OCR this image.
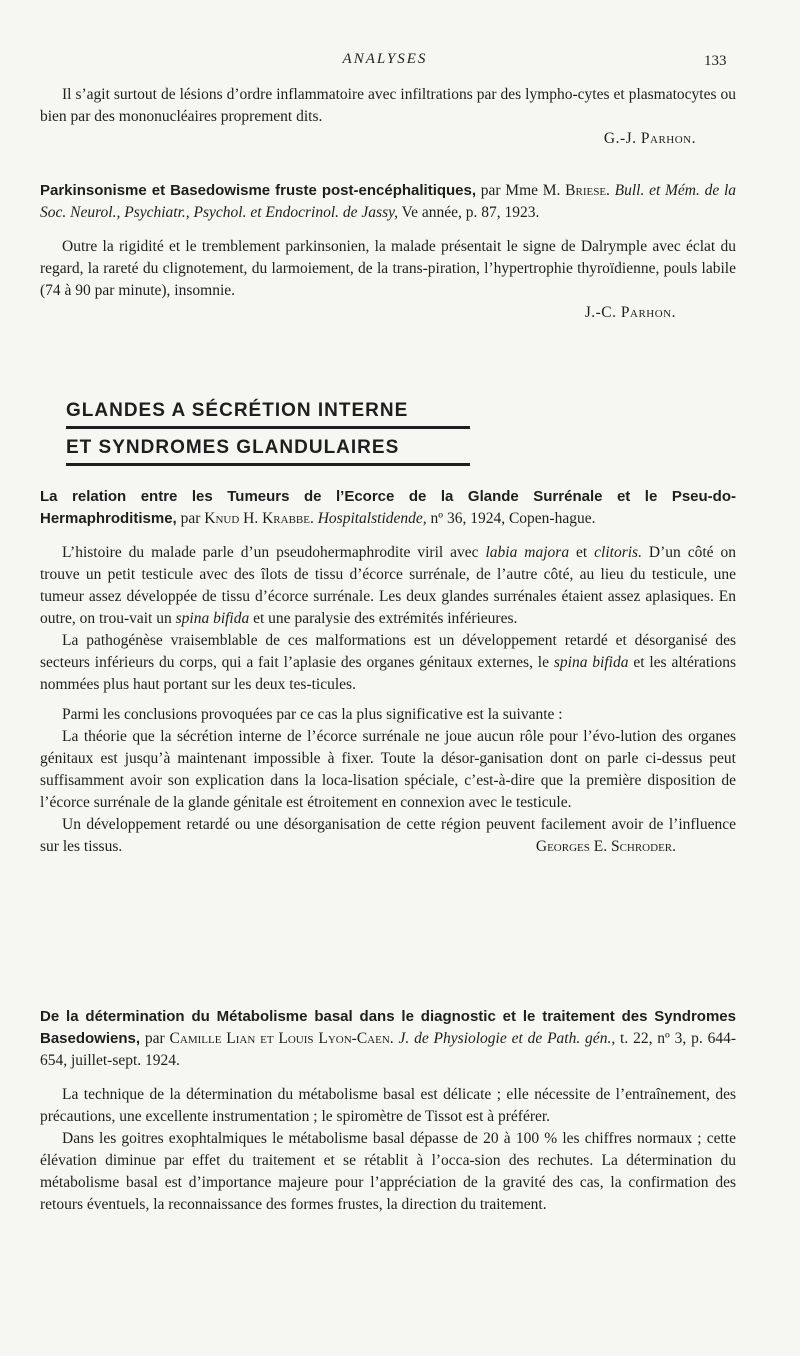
ANALYSES	133

Il s’agit surtout de lésions d’ordre inflammatoire avec infiltrations par des lympho-cytes et plasmatocytes ou bien par des mononucléaires proprement dits.

G.-J. Parhon.

Parkinsonisme et Basedowisme fruste post-encéphalitiques, par Mme M. Briese. Bull. et Mém. de la Soc. Neurol., Psychiatr., Psychol. et Endocrinol. de Jassy, Ve année, p. 87, 1923.

Outre la rigidité et le tremblement parkinsonien, la malade présentait le signe de Dalrymple avec éclat du regard, la rareté du clignotement, du larmoiement, de la trans-piration, l’hypertrophie thyroïdienne, pouls labile (74 à 90 par minute), insomnie.

J.-C. Parhon.

GLANDES A SÉCRÉTION INTERNE
ET SYNDROMES GLANDULAIRES

La relation entre les Tumeurs de l’Ecorce de la Glande Surrénale et le Pseu-do-Hermaphroditisme, par Knud H. Krabbe. Hospitalstidende, nº 36, 1924, Copen-hague.

L’histoire du malade parle d’un pseudohermaphrodite viril avec labia majora et clitoris. D’un côté on trouve un petit testicule avec des îlots de tissu d’écorce surrénale, de l’autre côté, au lieu du testicule, une tumeur assez développée de tissu d’écorce surrénale. Les deux glandes surrénales étaient assez aplasiques. En outre, on trou-vait un spina bifida et une paralysie des extrémités inférieures.

La pathogénèse vraisemblable de ces malformations est un développement retardé et désorganisé des secteurs inférieurs du corps, qui a fait l’aplasie des organes génitaux externes, le spina bifida et les altérations nommées plus haut portant sur les deux tes-ticules.

Parmi les conclusions provoquées par ce cas la plus significative est la suivante :

La théorie que la sécrétion interne de l’écorce surrénale ne joue aucun rôle pour l’évo-lution des organes génitaux est jusqu’à maintenant impossible à fixer. Toute la désor-ganisation dont on parle ci-dessus peut suffisamment avoir son explication dans la loca-lisation spéciale, c’est-à-dire que la première disposition de l’écorce surrénale de la glande génitale est étroitement en connexion avec le testicule.

Un développement retardé ou une désorganisation de cette région peuvent facilement avoir de l’influence sur les tissus.	Georges E. Schroder.

De la détermination du Métabolisme basal dans le diagnostic et le traitement des Syndromes Basedowiens, par Camille Lian et Louis Lyon-Caen. J. de Physiologie et de Path. gén., t. 22, nº 3, p. 644-654, juillet-sept. 1924.

La technique de la détermination du métabolisme basal est délicate ; elle nécessite de l’entraînement, des précautions, une excellente instrumentation ; le spiromètre de Tissot est à préférer.

Dans les goitres exophtalmiques le métabolisme basal dépasse de 20 à 100 % les chiffres normaux ; cette élévation diminue par effet du traitement et se rétablit à l’occa-sion des rechutes. La détermination du métabolisme basal est d’importance majeure pour l’appréciation de la gravité des cas, la confirmation des retours éventuels, la reconnaissance des formes frustes, la direction du traitement.
